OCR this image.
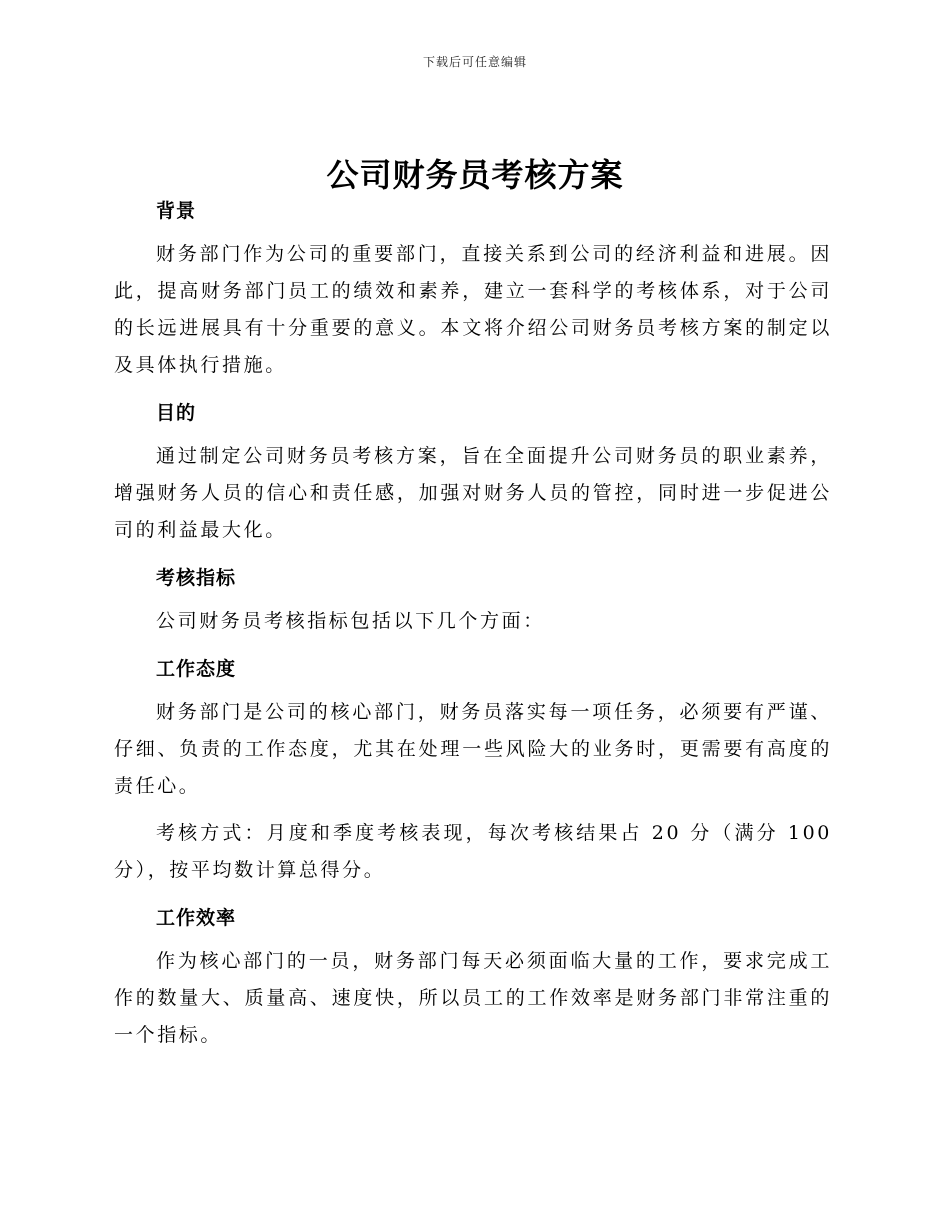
下载后可任意编辑
公司财务员考核方案
背景

财务部门作为公司的重要部门，直接关系到公司的经济利益和进展。因此，提高财务部门员工的绩效和素养，建立一套科学的考核体系，对于公司的长远进展具有十分重要的意义。本文将介绍公司财务员考核方案的制定以及具体执行措施。

目的

通过制定公司财务员考核方案，旨在全面提升公司财务员的职业素养，增强财务人员的信心和责任感，加强对财务人员的管控，同时进一步促进公司的利益最大化。

考核指标

公司财务员考核指标包括以下几个方面：

工作态度

财务部门是公司的核心部门，财务员落实每一项任务，必须要有严谨、仔细、负责的工作态度，尤其在处理一些风险大的业务时，更需要有高度的责任心。

考核方式：月度和季度考核表现，每次考核结果占 20 分（满分 100 分），按平均数计算总得分。

工作效率

作为核心部门的一员，财务部门每天必须面临大量的工作，要求完成工作的数量大、质量高、速度快，所以员工的工作效率是财务部门非常注重的一个指标。
